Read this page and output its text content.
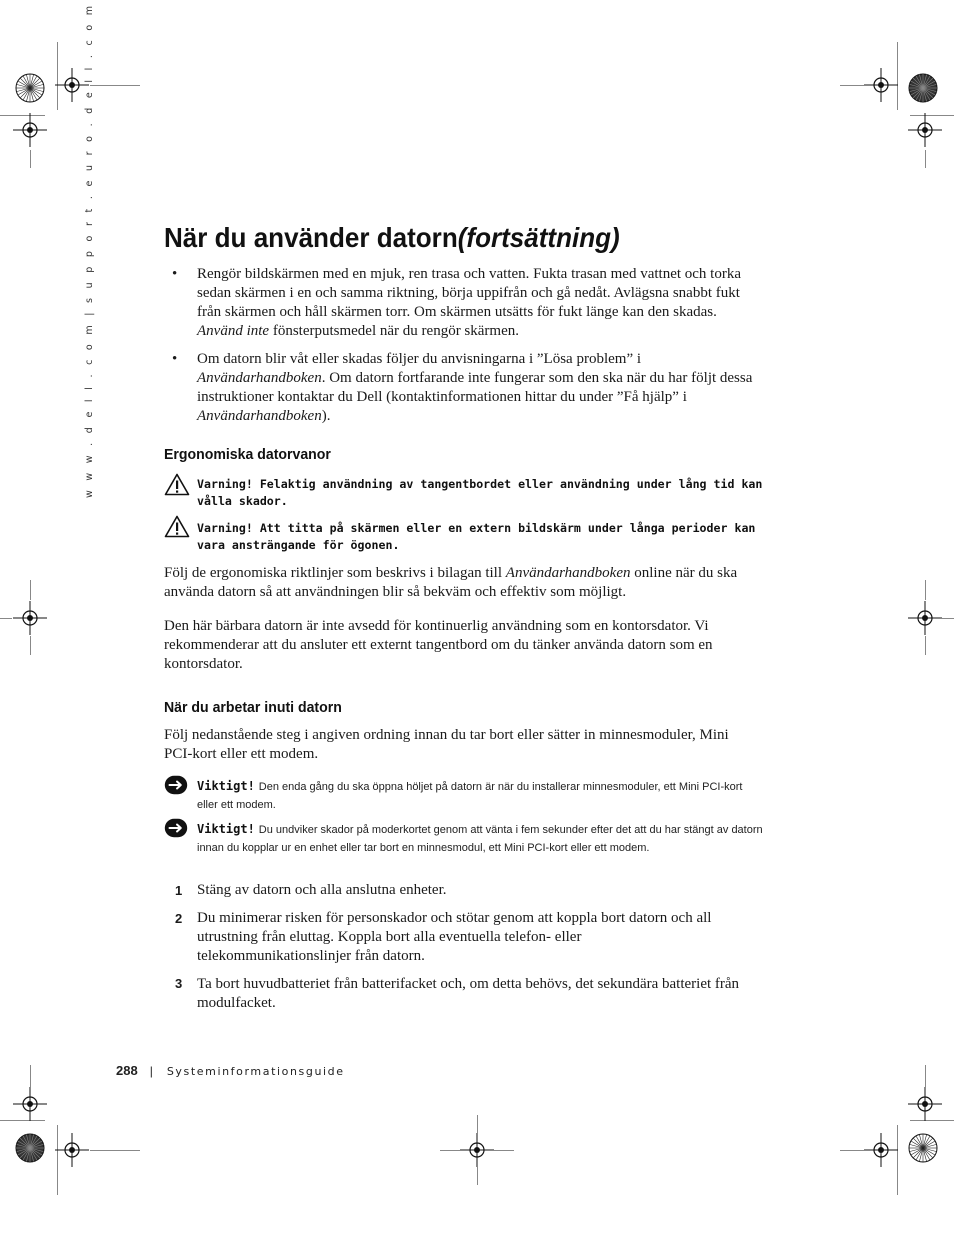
w w w . d e l l . c o m | s u p p o r t . e u r o . d e l l . c o m När du använder datorn(fortsättning)
• Rengör bildskärmen med en mjuk, ren trasa och vatten. Fukta trasan med vattnet och torka sedan skärmen i en och samma riktning, börja uppifrån och gå nedåt. Avlägsna snabbt fukt från skärmen och håll skärmen torr. Om skärmen utsätts för fukt länge kan den skadas. Använd inte fönsterputsmedel när du rengör skärmen.
• Om datorn blir våt eller skadas följer du anvisningarna i ”Lösa problem” i Användarhandboken. Om datorn fortfarande inte fungerar som den ska när du har följt dessa instruktioner kontaktar du Dell (kontaktinformationen hittar du under ”Få hjälp” i Användarhandboken).
Ergonomiska datorvanor
Varning! Felaktig användning av tangentbordet eller användning under lång tid kan vålla skador.
Varning! Att titta på skärmen eller en extern bildskärm under långa perioder kan vara ansträngande för ögonen.
Följ de ergonomiska riktlinjer som beskrivs i bilagan till Användarhandboken online när du ska använda datorn så att användningen blir så bekväm och effektiv som möjligt.
Den här bärbara datorn är inte avsedd för kontinuerlig användning som en kontorsdator. Vi rekommenderar att du ansluter ett externt tangentbord om du tänker använda datorn som en kontorsdator.
När du arbetar inuti datorn
Följ nedanstående steg i angiven ordning innan du tar bort eller sätter in minnesmoduler, Mini PCI-kort eller ett modem.
Viktigt! Den enda gång du ska öppna höljet på datorn är när du installerar minnesmoduler, ett Mini PCI-kort eller ett modem.
Viktigt! Du undviker skador på moderkortet genom att vänta i fem sekunder efter det att du har stängt av datorn innan du kopplar ur en enhet eller tar bort en minnesmodul, ett Mini PCI-kort eller ett modem.
1 Stäng av datorn och alla anslutna enheter.
2 Du minimerar risken för personskador och stötar genom att koppla bort datorn och all utrustning från eluttag. Koppla bort alla eventuella telefon- eller telekommunikationslinjer från datorn.
3 Ta bort huvudbatteriet från batterifacket och, om detta behövs, det sekundära batteriet från modulfacket.
288 | Systeminformationsguide
